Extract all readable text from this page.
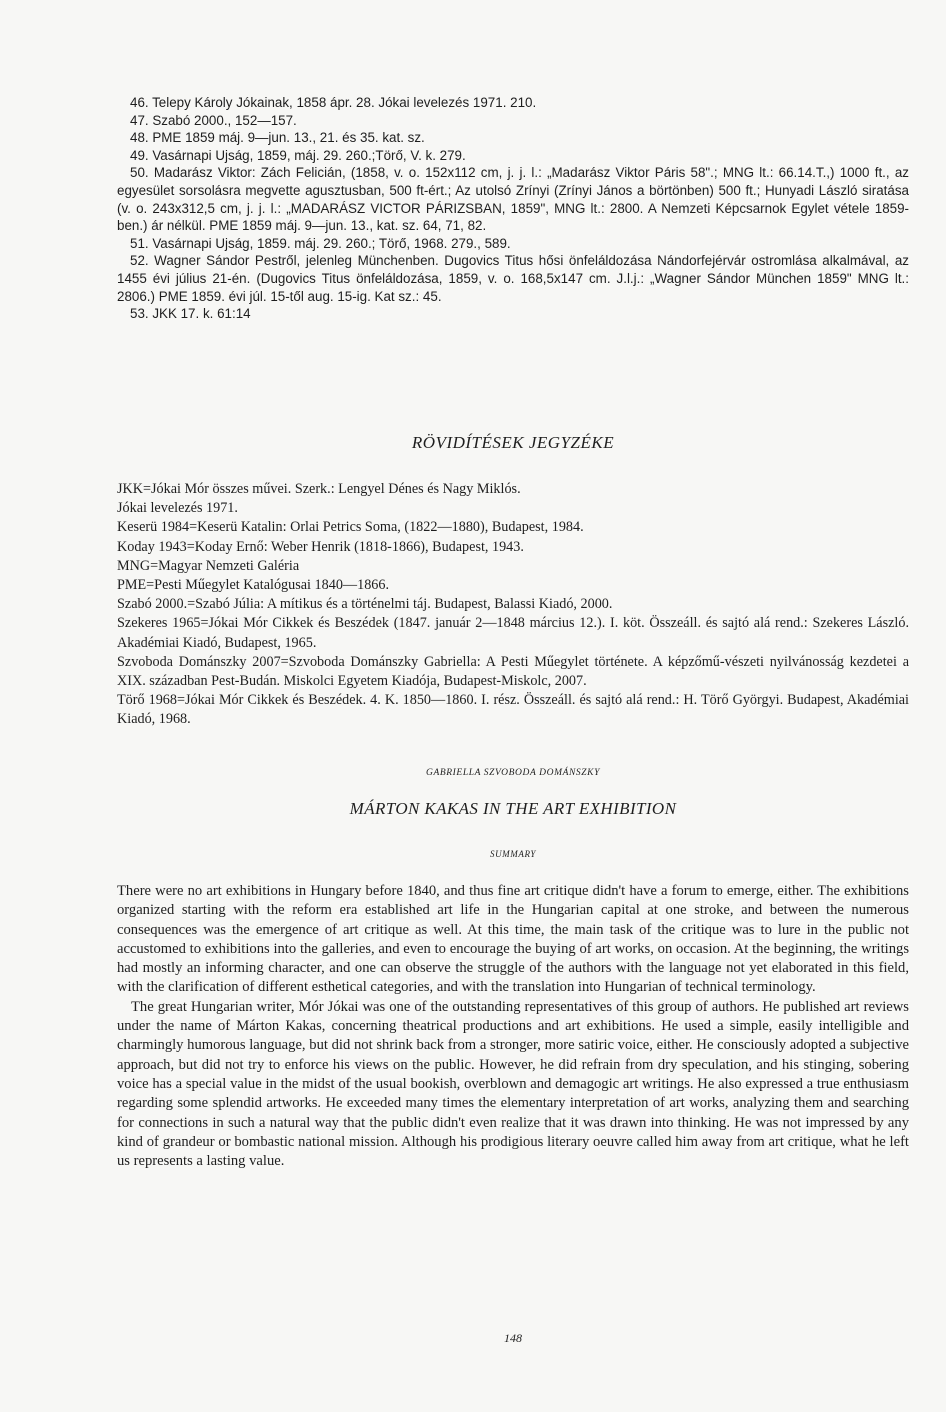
46. Telepy Károly Jókainak, 1858 ápr. 28. Jókai levelezés 1971. 210.

47. Szabó 2000., 152—157.

48. PME 1859 máj. 9—jun. 13., 21. és 35. kat. sz.

49. Vasárnapi Ujság, 1859, máj. 29. 260.;Törő, V. k. 279.

50. Madarász Viktor: Zách Felicián, (1858, v. o. 152x112 cm, j. j. l.: „Madarász Viktor Páris 58".; MNG lt.: 66.14.T.,) 1000 ft., az egyesület sorsolásra megvette agusztusban, 500 ft-ért.; Az utolsó Zrínyi (Zrínyi János a börtönben) 500 ft.; Hunyadi László siratása (v. o. 243x312,5 cm, j. j. l.: „MADARÁSZ VICTOR PÁRIZSBAN, 1859", MNG lt.: 2800. A Nemzeti Képcsarnok Egylet vétele 1859-ben.) ár nélkül. PME 1859 máj. 9—jun. 13., kat. sz. 64, 71, 82.

51. Vasárnapi Ujság, 1859. máj. 29. 260.; Törő, 1968. 279., 589.

52. Wagner Sándor Pestről, jelenleg Münchenben. Dugovics Titus hősi önfeláldozása Nándorfejérvár ostromlása alkalmával, az 1455 évi július 21-én. (Dugovics Titus önfeláldozása, 1859, v. o. 168,5x147 cm. J.l.j.: „Wagner Sándor München 1859" MNG lt.: 2806.) PME 1859. évi júl. 15-től aug. 15-ig. Kat sz.: 45.

53. JKK 17. k. 61:14

RÖVIDÍTÉSEK JEGYZÉKE

JKK=Jókai Mór összes művei. Szerk.: Lengyel Dénes és Nagy Miklós.

Jókai levelezés 1971.

Keserü 1984=Keserü Katalin: Orlai Petrics Soma, (1822—1880), Budapest, 1984.

Koday 1943=Koday Ernő: Weber Henrik (1818-1866), Budapest, 1943.

MNG=Magyar Nemzeti Galéria

PME=Pesti Műegylet Katalógusai 1840—1866.

Szabó 2000.=Szabó Júlia: A mítikus és a történelmi táj. Budapest, Balassi Kiadó, 2000.

Szekeres 1965=Jókai Mór Cikkek és Beszédek (1847. január 2—1848 március 12.). I. köt. Összeáll. és sajtó alá rend.: Szekeres László. Akadémiai Kiadó, Budapest, 1965.

Szvoboda Dománszky 2007=Szvoboda Dománszky Gabriella: A Pesti Műegylet története. A képzőmű-vészeti nyilvánosság kezdetei a XIX. században Pest-Budán. Miskolci Egyetem Kiadója, Budapest-Miskolc, 2007.

Törő 1968=Jókai Mór Cikkek és Beszédek. 4. K. 1850—1860. I. rész. Összeáll. és sajtó alá rend.: H. Törő Györgyi. Budapest, Akadémiai Kiadó, 1968.

GABRIELLA SZVOBODA DOMÁNSZKY
MÁRTON KAKAS IN THE ART EXHIBITION
SUMMARY

There were no art exhibitions in Hungary before 1840, and thus fine art critique didn't have a forum to emerge, either. The exhibitions organized starting with the reform era established art life in the Hungarian capital at one stroke, and between the numerous consequences was the emergence of art critique as well. At this time, the main task of the critique was to lure in the public not accustomed to exhibitions into the galleries, and even to encourage the buying of art works, on occasion. At the beginning, the writings had mostly an informing character, and one can observe the struggle of the authors with the language not yet elaborated in this field, with the clarification of different esthetical categories, and with the translation into Hungarian of technical terminology.

The great Hungarian writer, Mór Jókai was one of the outstanding representatives of this group of authors. He published art reviews under the name of Márton Kakas, concerning theatrical productions and art exhibitions. He used a simple, easily intelligible and charmingly humorous language, but did not shrink back from a stronger, more satiric voice, either. He consciously adopted a subjective approach, but did not try to enforce his views on the public. However, he did refrain from dry speculation, and his stinging, sobering voice has a special value in the midst of the usual bookish, overblown and demagogic art writings. He also expressed a true enthusiasm regarding some splendid artworks. He exceeded many times the elementary interpretation of art works, analyzing them and searching for connections in such a natural way that the public didn't even realize that it was drawn into thinking. He was not impressed by any kind of grandeur or bombastic national mission. Although his prodigious literary oeuvre called him away from art critique, what he left us represents a lasting value.

148
